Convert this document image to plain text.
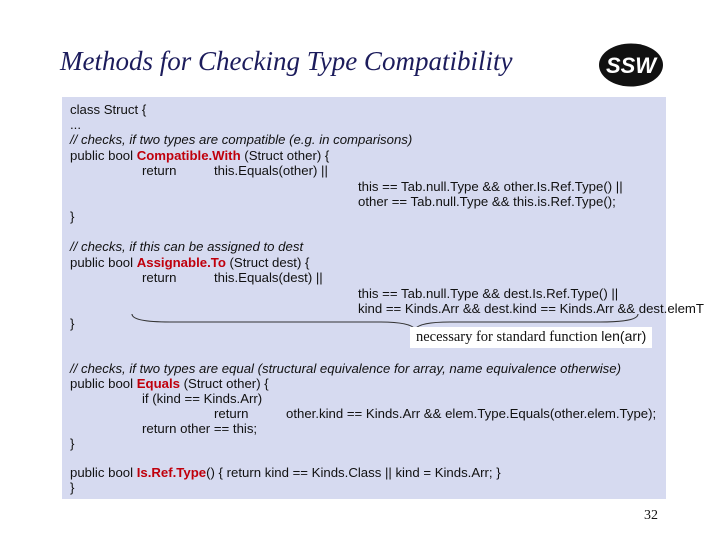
Methods for Checking Type Compatibility	SSW
class Struct {
...
// checks, if two types are compatible (e.g. in comparisons)
public bool Compatible.With (Struct other) {
return	this.Equals(other) ||
this == Tab.null.Type && other.Is.Ref.Type() ||
other == Tab.null.Type && this.is.Ref.Type();
}
// checks, if this can be assigned to dest
public bool Assignable.To (Struct dest) {
return	this.Equals(dest) ||
this == Tab.null.Type && dest.Is.Ref.Type() ||
kind == Kinds.Arr && dest.kind == Kinds.Arr && dest.elemT
}
// checks, if two types are equal (structural equivalence for array, name equivalence otherwise)
public bool Equals (Struct other) {
if (kind == Kinds.Arr)
return	other.kind == Kinds.Arr && elem.Type.Equals(other.elem.Type);
return other == this;
}
public bool Is.Ref.Type() { return kind == Kinds.Class || kind = Kinds.Arr; }
}
necessary for standard function len(arr)
32
